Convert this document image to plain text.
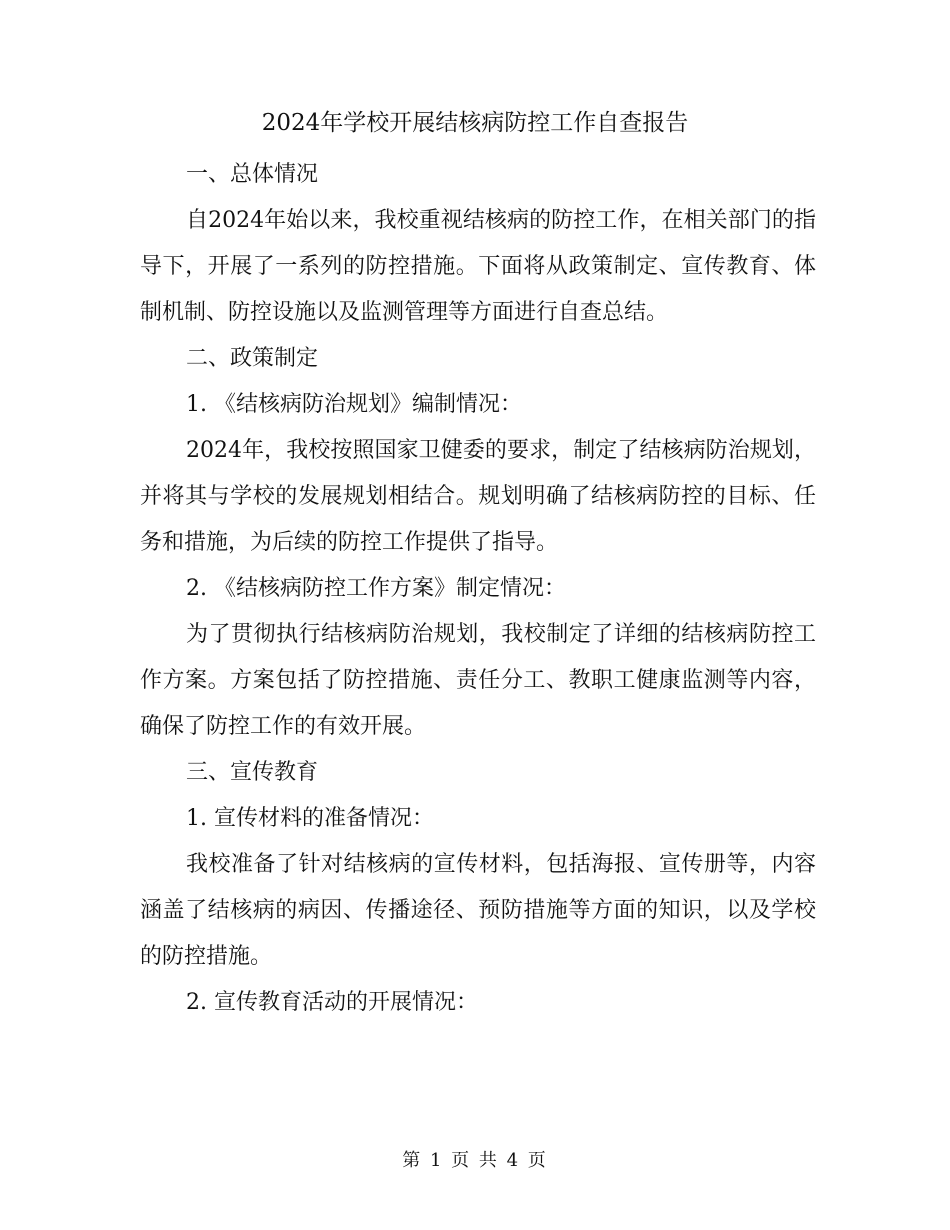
2024年学校开展结核病防控工作自查报告

一、总体情况

自2024年始以来，我校重视结核病的防控工作，在相关部门的指导下，开展了一系列的防控措施。下面将从政策制定、宣传教育、体制机制、防控设施以及监测管理等方面进行自查总结。

二、政策制定

1. 《结核病防治规划》编制情况：

2024年，我校按照国家卫健委的要求，制定了结核病防治规划，并将其与学校的发展规划相结合。规划明确了结核病防控的目标、任务和措施，为后续的防控工作提供了指导。

2. 《结核病防控工作方案》制定情况：

为了贯彻执行结核病防治规划，我校制定了详细的结核病防控工作方案。方案包括了防控措施、责任分工、教职工健康监测等内容，确保了防控工作的有效开展。

三、宣传教育

1. 宣传材料的准备情况：

我校准备了针对结核病的宣传材料，包括海报、宣传册等，内容涵盖了结核病的病因、传播途径、预防措施等方面的知识，以及学校的防控措施。

2. 宣传教育活动的开展情况：

第 1 页 共 4 页
